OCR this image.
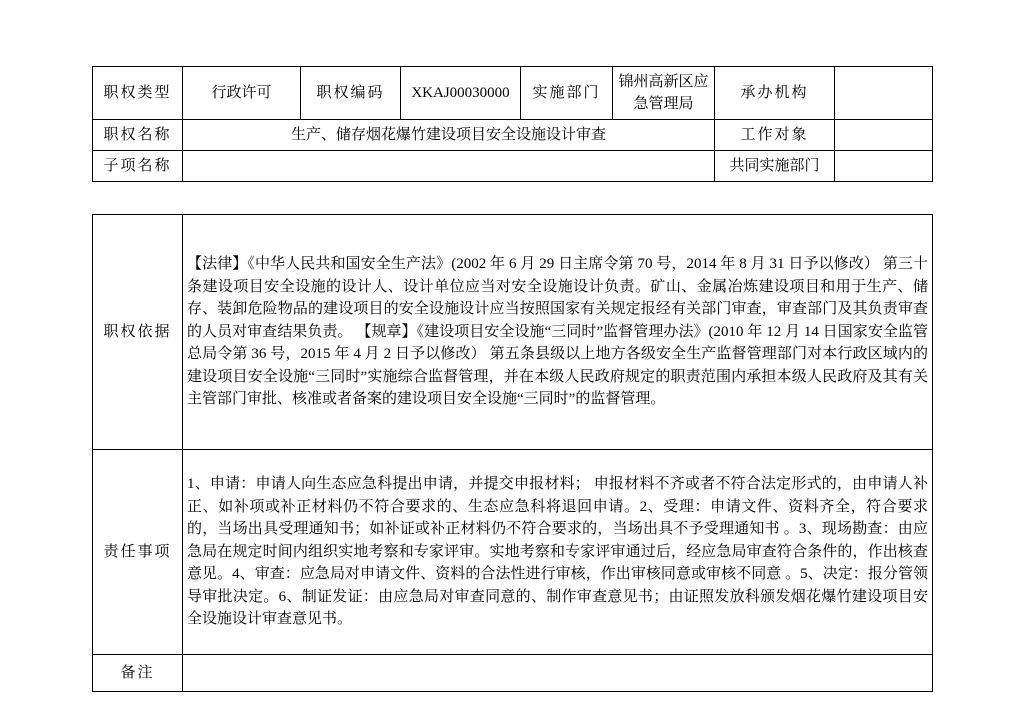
职权类型	行政许可	职权编码	XKAJ00030000	实施部门	锦州高新区应急管理局	承办机构	
职权名称	生产、储存烟花爆竹建设项目安全设施设计审查					工作对象	
子项名称						共同实施部门	

职权依据	【法律】《中华人民共和国安全生产法》(2002 年 6 月 29 日主席令第 70 号，2014 年 8 月 31 日予以修改） 第三十条建设项目安全设施的设计人、设计单位应当对安全设施设计负责。矿山、金属冶炼建设项目和用于生产、储存、装卸危险物品的建设项目的安全设施设计应当按照国家有关规定报经有关部门审查，审查部门及其负责审查的人员对审查结果负责。 【规章】《建设项目安全设施“三同时”监督管理办法》(2010 年 12 月 14 日国家安全监管总局令第 36 号，2015 年 4 月 2 日予以修改） 第五条县级以上地方各级安全生产监督管理部门对本行政区域内的建设项目安全设施“三同时”实施综合监督管理，并在本级人民政府规定的职责范围内承担本级人民政府及其有关主管部门审批、核准或者备案的建设项目安全设施“三同时”的监督管理。						
责任事项	1、申请：申请人向生态应急科提出申请，并提交申报材料； 申报材料不齐或者不符合法定形式的，由申请人补正、如补项或补正材料仍不符合要求的、生态应急科将退回申请。2、受理：申请文件、资料齐全，符合要求的，当场出具受理通知书；如补证或补正材料仍不符合要求的，当场出具不予受理通知书 。3、现场勘查：由应急局在规定时间内组织实地考察和专家评审。实地考察和专家评审通过后，经应急局审查符合条件的，作出核查意见。4、审查：应急局对申请文件、资料的合法性进行审核，作出审核同意或审核不同意 。5、决定：报分管领导审批决定。6、制证发证：由应急局对审查同意的、制作审查意见书；由证照发放科颁发烟花爆竹建设项目安全设施设计审查意见书。						
备注							
